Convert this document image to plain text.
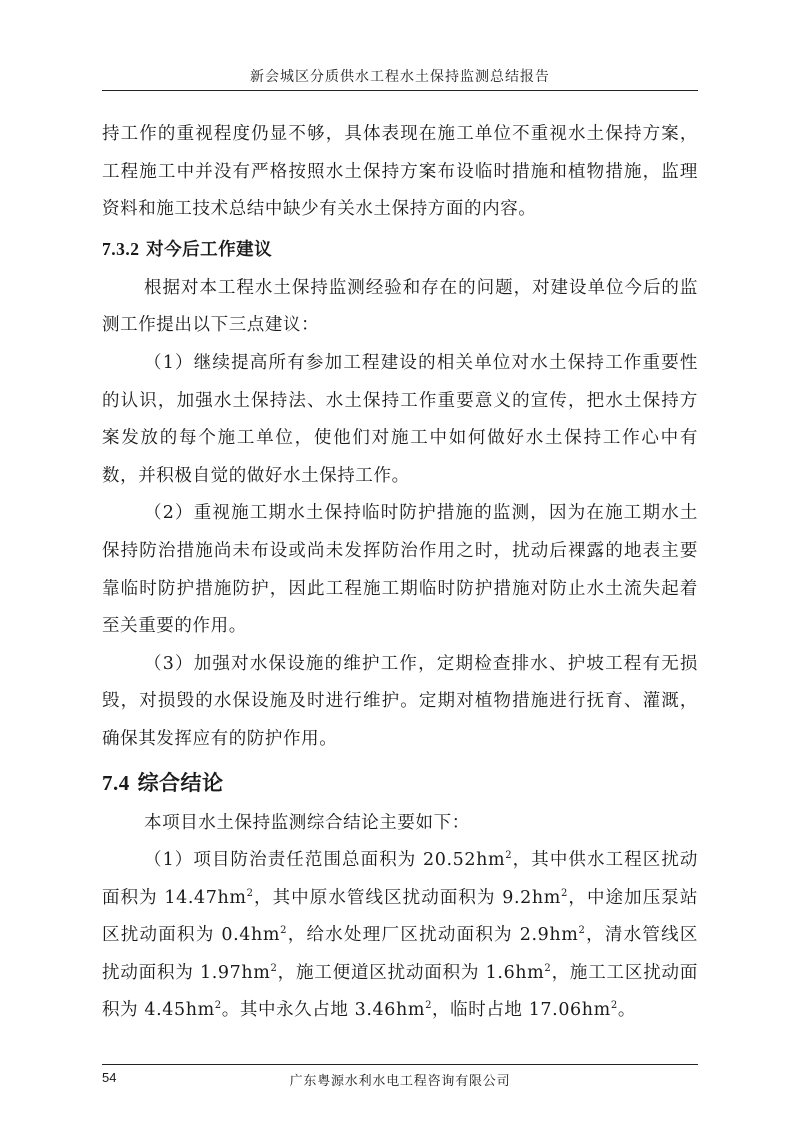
新会城区分质供水工程水土保持监测总结报告

持工作的重视程度仍显不够，具体表现在施工单位不重视水土保持方案，工程施工中并没有严格按照水土保持方案布设临时措施和植物措施，监理资料和施工技术总结中缺少有关水土保持方面的内容。

7.3.2 对今后工作建议

根据对本工程水土保持监测经验和存在的问题，对建设单位今后的监测工作提出以下三点建议：

（1）继续提高所有参加工程建设的相关单位对水土保持工作重要性的认识，加强水土保持法、水土保持工作重要意义的宣传，把水土保持方案发放的每个施工单位，使他们对施工中如何做好水土保持工作心中有数，并积极自觉的做好水土保持工作。

（2）重视施工期水土保持临时防护措施的监测，因为在施工期水土保持防治措施尚未布设或尚未发挥防治作用之时，扰动后裸露的地表主要靠临时防护措施防护，因此工程施工期临时防护措施对防止水土流失起着至关重要的作用。

（3）加强对水保设施的维护工作，定期检查排水、护坡工程有无损毁，对损毁的水保设施及时进行维护。定期对植物措施进行抚育、灌溉，确保其发挥应有的防护作用。

7.4 综合结论

本项目水土保持监测综合结论主要如下：

（1）项目防治责任范围总面积为 $20.52hm^2$，其中供水工程区扰动面积为 $14.47hm^2$，其中原水管线区扰动面积为 $9.2hm^2$，中途加压泵站区扰动面积为 $0.4hm^2$，给水处理厂区扰动面积为 $2.9hm^2$，清水管线区扰动面积为 $1.97hm^2$，施工便道区扰动面积为 $1.6hm^2$，施工工区扰动面积为 $4.45hm^2$。其中永久占地 $3.46hm^2$，临时占地 $17.06hm^2$。

54	广东粤源水利水电工程咨询有限公司
